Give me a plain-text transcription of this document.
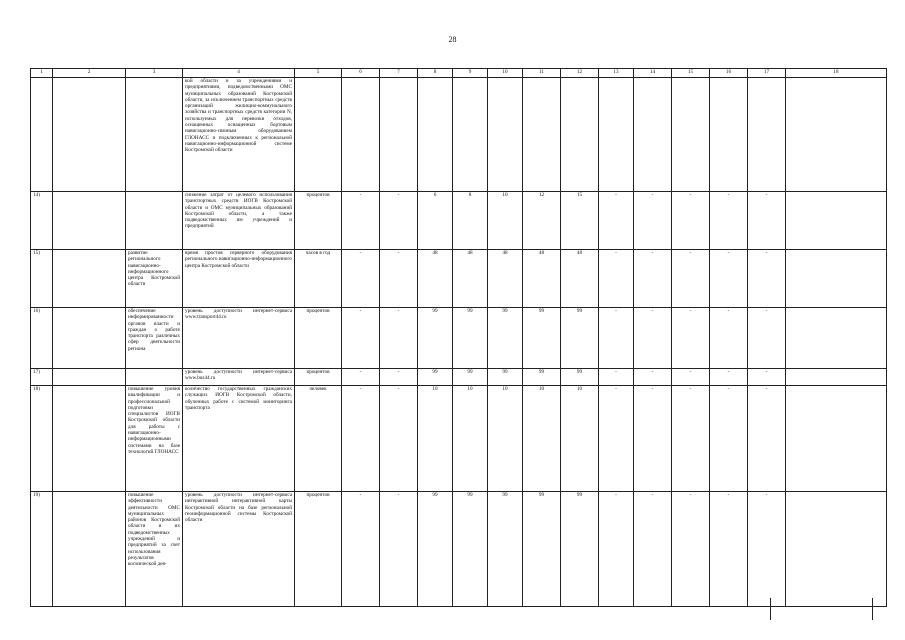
28
1	2	3	4	5	6	7	8	9	10	11	12	13	14	15	16	17	18
			кой области и за учреждениями и предприятиями, подведомственными ОМС муниципальных образований Костромской области, за исключением транспортных средств организаций жилищно-коммунального хозяйства и транспортных средств категории N, используемых для перевозки отходов, оснащенных оснащенных бортовым навигационно-связным оборудованием ГЛОНАСС и подключенных к региональной навигационно-информационной системе Костромской области														
14)			снижение затрат от целевого использования транспортных средств ИОГВ Костромской области и ОМС муниципальных образований Костромской области, а также подведомственных им учреждений и предприятий	процентов	-	-	6	8	10	12	15	-	-	-	-	-	
15)		развитие регионального навигационно-информационного центра Костромской области	время простоя серверного оборудования регионального навигационно-информационного центра Костромской области	часов в год	-	-	48	48	48	48	48	-	-	-	-	-	
16)		обеспечение информированности органов власти и граждан о работе транспорта различных сфер деятельности региона	уровень доступности интернет-сервиса www.transport44.ru	процентов	-	-	99	99	99	99	99	-	-	-	-	-	
17)			уровень доступности интернет-сервиса www.bus44.ru	процентов	-	-	99	99	99	99	99	-	-	-	-	-	
18)		повышение уровня квалификации и профессиональной подготовки специалистов ИОГВ Костромской области для работы с навигационно-информационными системами на базе технологий ГЛОНАСС	количество государственных гражданских служащих ИОГВ Костромской области, обученных работе с системой мониторинга транспорта	человек	-	-	10	10	10	10	10	-	-	-	-	-	
19)		повышение эффективности деятельности ОМС муниципальных районов Костромской области и их подведомственных учреждений и предприятий за счет использования результатов космической дея-	уровень доступности интернет-сервиса интерактивной интерактивной карты Костромской области на базе региональной геоинформационной системы Костромской области	процентов	-	-	99	99	99	99	99	-	-	-	-	-	
